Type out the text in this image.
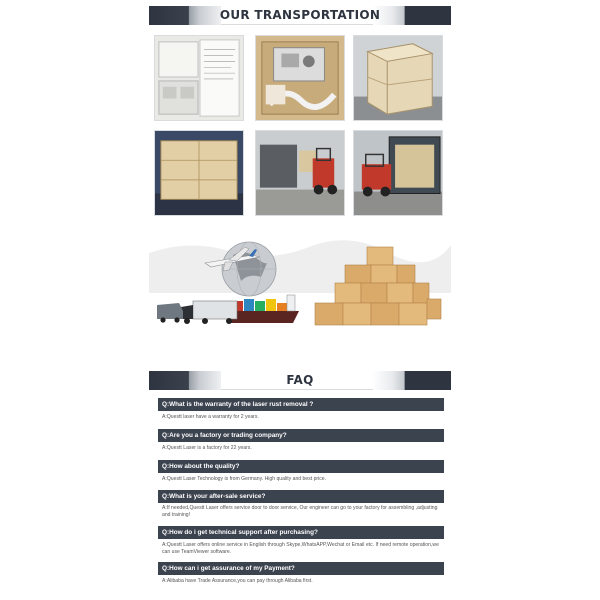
OUR TRANSPORTATION
FAQ
Q:What is the warranty of the laser rust removal ?
A:Questt laser have a warranty for 2 years.
Q:Are you a factory or trading company?
A:Questt Laser is a factory for 22 years.
Q:How about the quality?
A:Questt Laser Technology is from Germany. High quality and best price.
Q:What is your after-sale service?
A:If needed,Questt Laser offers service door to door service, Our engineer can go to your factory for assembling ,adjusting and training!
Q:How do i get technical support after purchasing?
A:Questt Laser offers online service in English through Skype,WhatsAPP,Wechat or Email etc. If need remote operation,we can use TeamViewer software.
Q:How can i get assurance of my Payment?
A:Alibaba have Trade Assurance,you can pay through Alibaba first.
